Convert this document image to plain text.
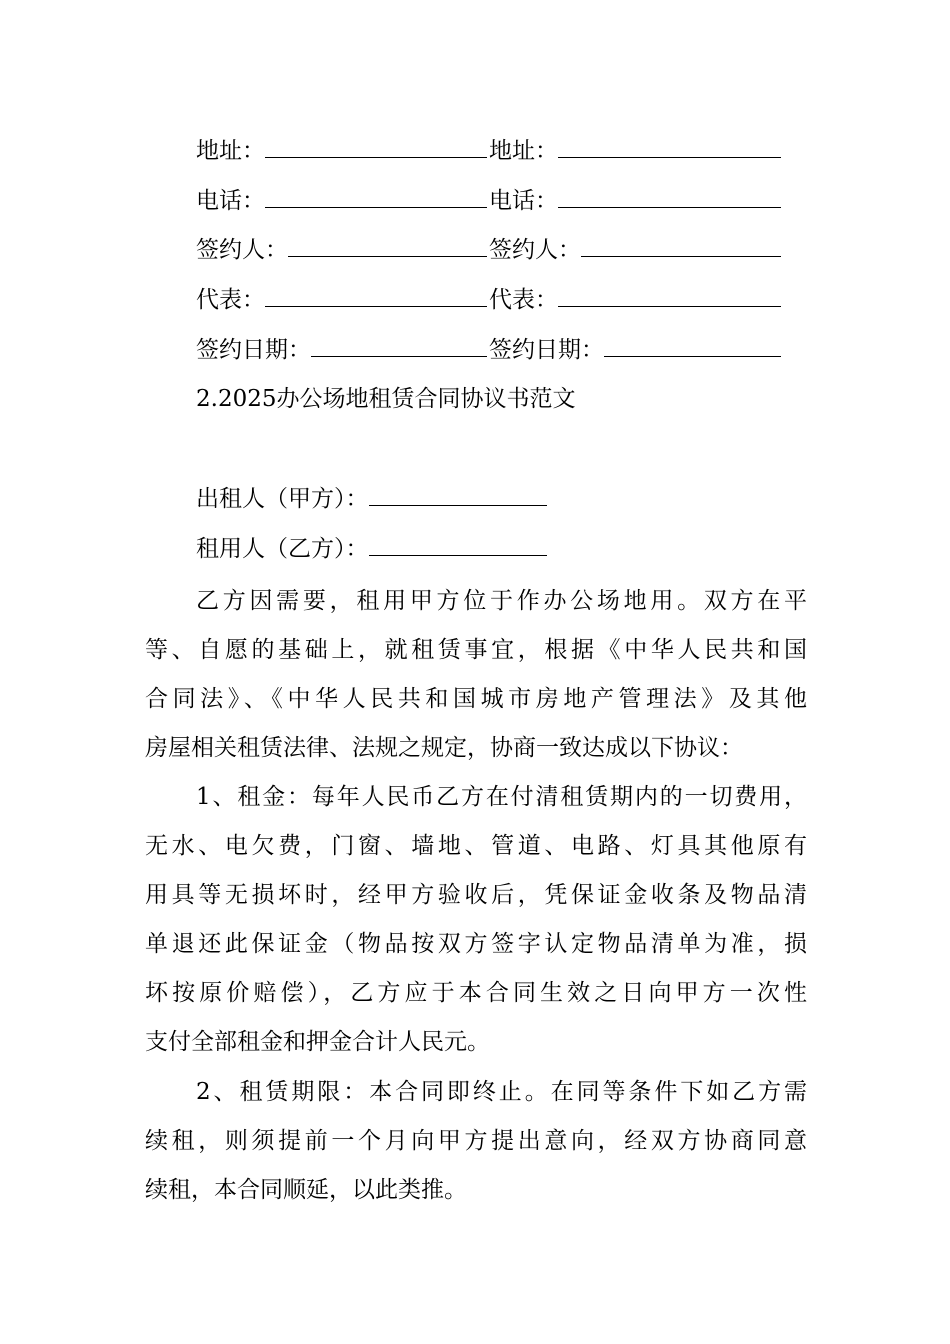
地址：	地址：
电话：	电话：
签约人：	签约人：
代表：	代表：
签约日期：	签约日期：
2.2025办公场地租赁合同协议书范文
出租人（甲方）：
租用人（乙方）：
乙方因需要，租用甲方位于作办公场地用。双方在平
等、自愿的基础上，就租赁事宜，根据《中华人民共和国
合同法》、《中华人民共和国城市房地产管理法》及其他
房屋相关租赁法律、法规之规定，协商一致达成以下协议：
1、租金：每年人民币乙方在付清租赁期内的一切费用，
无水、电欠费，门窗、墙地、管道、电路、灯具其他原有
用具等无损坏时，经甲方验收后，凭保证金收条及物品清
单退还此保证金（物品按双方签字认定物品清单为准，损
坏按原价赔偿），乙方应于本合同生效之日向甲方一次性
支付全部租金和押金合计人民元。
2、租赁期限：本合同即终止。在同等条件下如乙方需
续租，则须提前一个月向甲方提出意向，经双方协商同意
续租，本合同顺延，以此类推。
